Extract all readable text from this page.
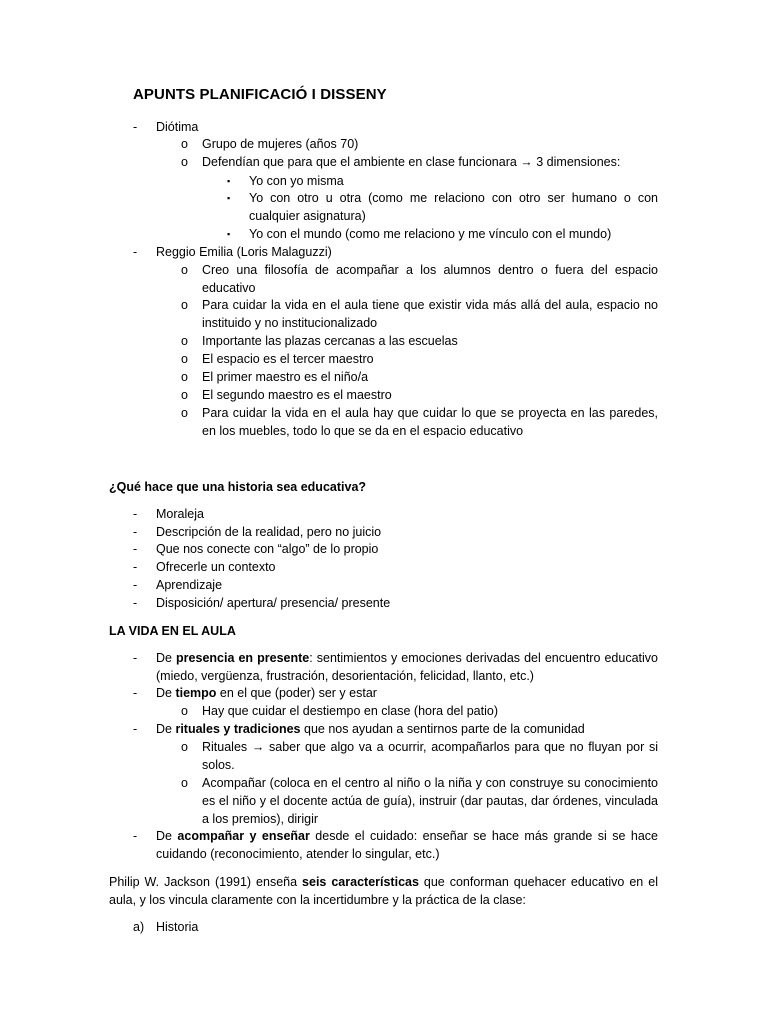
APUNTS PLANIFICACIÓ I DISSENY
- Diótima
o Grupo de mujeres (años 70)
o Defendían que para que el ambiente en clase funcionara → 3 dimensiones:
▪ Yo con yo misma
▪ Yo con otro u otra (como me relaciono con otro ser humano o con cualquier asignatura)
▪ Yo con el mundo (como me relaciono y me vínculo con el mundo)
- Reggio Emilia (Loris Malaguzzi)
o Creo una filosofía de acompañar a los alumnos dentro o fuera del espacio educativo
o Para cuidar la vida en el aula tiene que existir vida más allá del aula, espacio no instituido y no institucionalizado
o Importante las plazas cercanas a las escuelas
o El espacio es el tercer maestro
o El primer maestro es el niño/a
o El segundo maestro es el maestro
o Para cuidar la vida en el aula hay que cuidar lo que se proyecta en las paredes, en los muebles, todo lo que se da en el espacio educativo
¿Qué hace que una historia sea educativa?
- Moraleja
- Descripción de la realidad, pero no juicio
- Que nos conecte con “algo” de lo propio
- Ofrecerle un contexto
- Aprendizaje
- Disposición/ apertura/ presencia/ presente
LA VIDA EN EL AULA
- De presencia en presente: sentimientos y emociones derivadas del encuentro educativo (miedo, vergüenza, frustración, desorientación, felicidad, llanto, etc.)
- De tiempo en el que (poder) ser y estar
o Hay que cuidar el destiempo en clase (hora del patio)
- De rituales y tradiciones que nos ayudan a sentirnos parte de la comunidad
o Rituales → saber que algo va a ocurrir, acompañarlos para que no fluyan por si solos.
o Acompañar (coloca en el centro al niño o la niña y con construye su conocimiento es el niño y el docente actúa de guía), instruir (dar pautas, dar órdenes, vinculada a los premios), dirigir
- De acompañar y enseñar desde el cuidado: enseñar se hace más grande si se hace cuidando (reconocimiento, atender lo singular, etc.)
Philip W. Jackson (1991) enseña seis características que conforman quehacer educativo en el aula, y los vincula claramente con la incertidumbre y la práctica de la clase:
a) Historia
